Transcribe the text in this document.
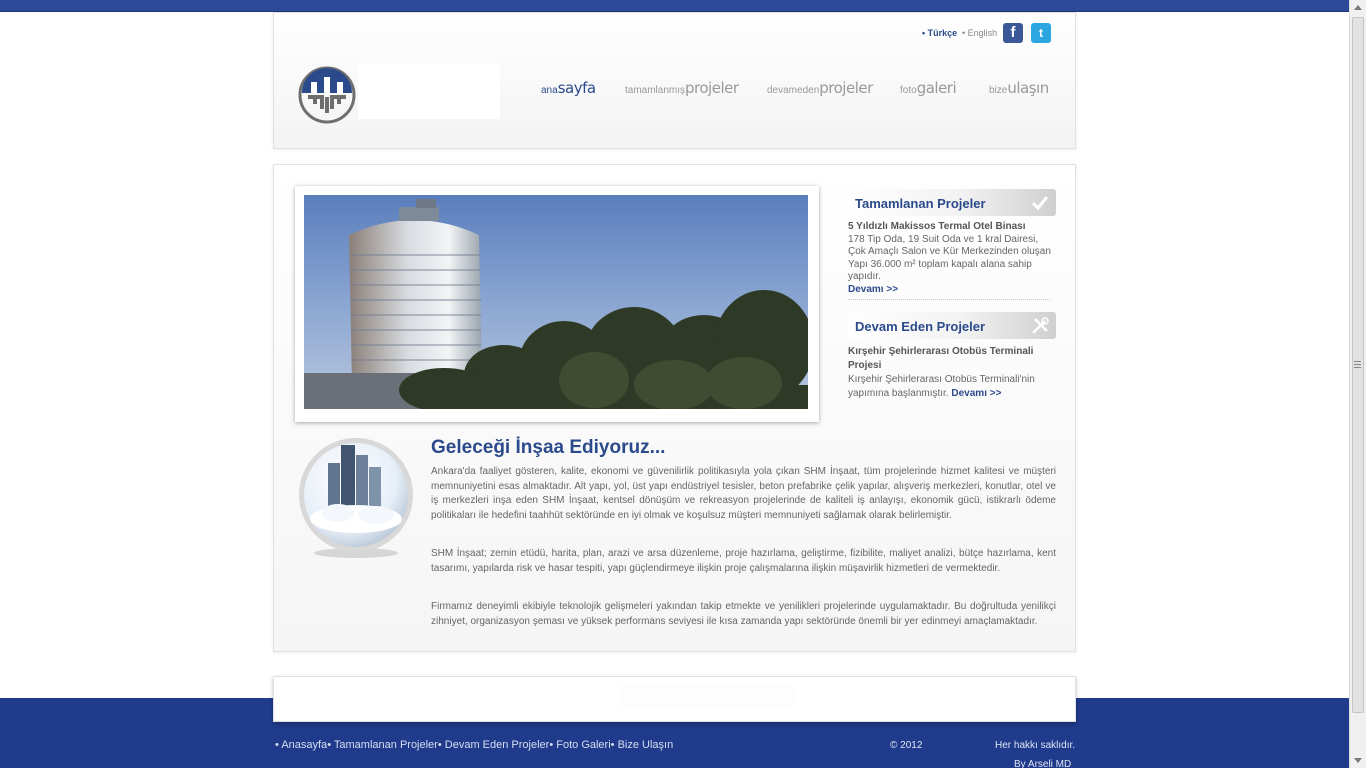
• Türkçe • English f	t
anasayfa	tamamlanmışprojeler	devamedenprojeler	fotogaleri	bizeulaşın
Tamamlanan Projeler
5 Yıldızlı Makissos Termal Otel Binası
178 Tip Oda, 19 Suit Oda ve 1 kral Dairesi, Çok Amaçlı Salon ve Kür Merkezinden oluşan Yapı 36.000 m² toplam kapalı alana sahip yapıdır.
Devamı >>
Devam Eden Projeler
Kırşehir Şehirlerarası Otobüs Terminali Projesi
Kırşehir Şehirlerarası Otobüs Terminali'nin yapımına başlanmıştır. Devamı >>
Geleceği İnşaa Ediyoruz...

Ankara'da faaliyet gösteren, kalite, ekonomi ve güvenilirlik politikasıyla yola çıkan SHM İnşaat, tüm projelerinde hizmet kalitesi ve müşteri memnuniyetini esas almaktadır. Alt yapı, yol, üst yapı endüstriyel tesisler, beton prefabrike çelik yapılar, alışveriş merkezleri, konutlar, otel ve iş merkezleri inşa eden SHM İnşaat, kentsel dönüşüm ve rekreasyon projelerinde de kaliteli iş anlayışı, ekonomik gücü, istikrarlı ödeme politikaları ile hedefini taahhüt sektöründe en iyi olmak ve koşulsuz müşteri memnuniyeti sağlamak olarak belirlemiştir.

SHM İnşaat; zemin etüdü, harita, plan, arazi ve arsa düzenleme, proje hazırlama, geliştirme, fizibilite, maliyet analizi, bütçe hazırlama, kent tasarımı, yapılarda risk ve hasar tespiti, yapı güçlendirmeye ilişkin proje çalışmalarına ilişkin müşavirlik hizmetleri de vermektedir.

Firmamız deneyimli ekibiyle teknolojik gelişmeleri yakından takip etmekte ve yenilikleri projelerinde uygulamaktadır. Bu doğrultuda yenilikçi zihniyet, organizasyon şeması ve yüksek performans seviyesi ile kısa zamanda yapı sektöründe önemli bir yer edinmeyi amaçlamaktadır.

• Anasayfa• Tamamlanan Projeler• Devam Eden Projeler• Foto Galeri• Bize Ulaşın	© 2012	Her hakkı saklıdır.
By Arseli MD
